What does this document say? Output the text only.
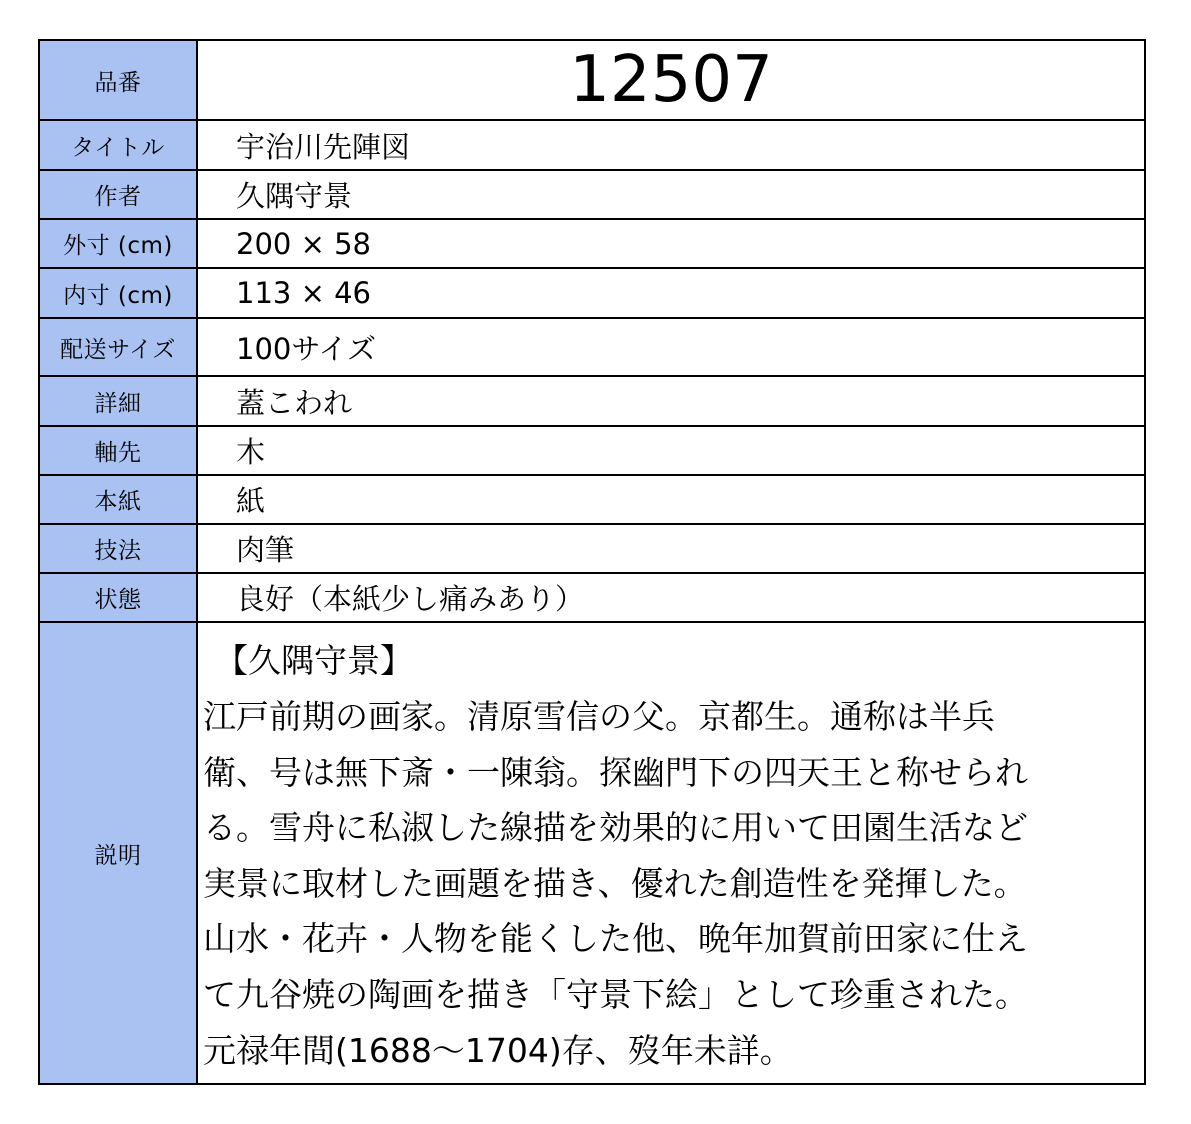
品番	12507
タイトル	宇治川先陣図
作者	久隅守景
外寸 (cm)	200 × 58
内寸 (cm)	113 × 46
配送サイズ	100サイズ
詳細	蓋こわれ
軸先	木
本紙	紙
技法	肉筆
状態	良好（本紙少し痛みあり）
説明
【久隅守景】
江戸前期の画家。清原雪信の父。京都生。通称は半兵
衛、号は無下斎・一陳翁。探幽門下の四天王と称せられ
る。雪舟に私淑した線描を効果的に用いて田園生活など
実景に取材した画題を描き、優れた創造性を発揮した。
山水・花卉・人物を能くした他、晩年加賀前田家に仕え
て九谷焼の陶画を描き「守景下絵」として珍重された。
元禄年間(1688〜1704)存、歿年未詳。
